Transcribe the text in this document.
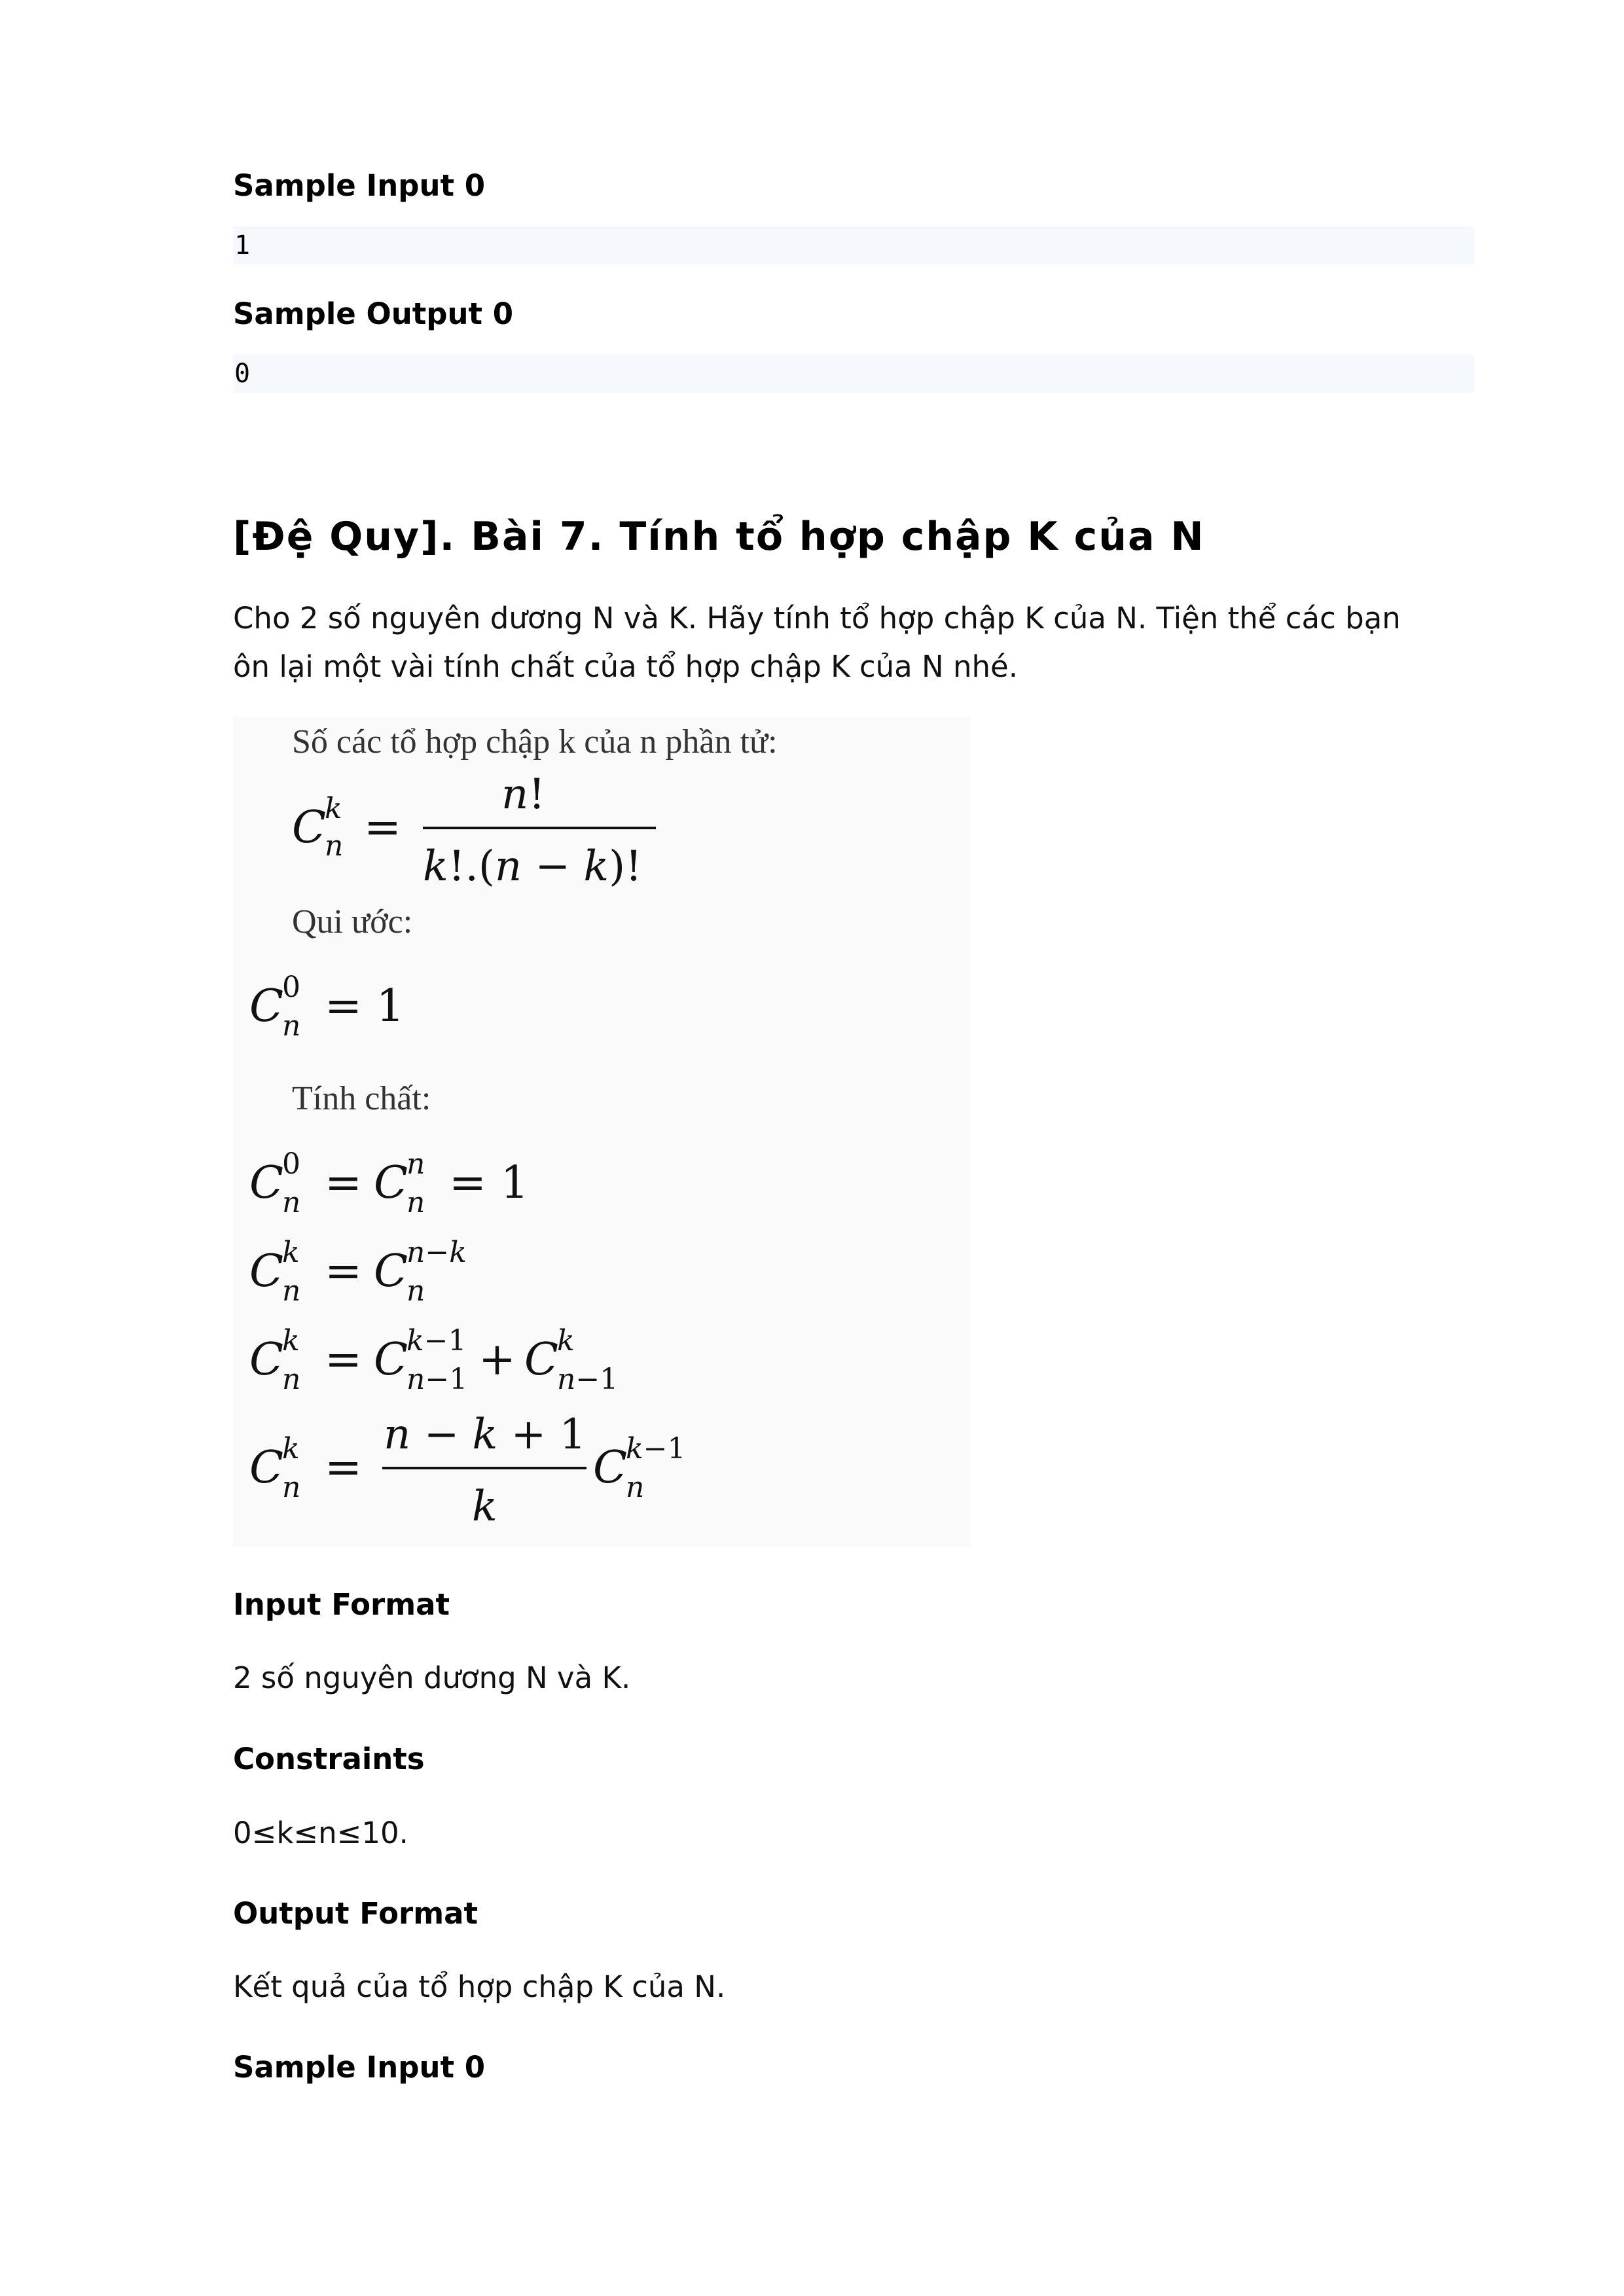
Sample Input 0
1
Sample Output 0
0
[Đệ Quy]. Bài 7. Tính tổ hợp chập K của N
Cho 2 số nguyên dương N và K. Hãy tính tổ hợp chập K của N. Tiện thể các bạn
ôn lại một vài tính chất của tổ hợp chập K của N nhé.
Số các tổ hợp chập k của n phần tử:
C
k
n =
n!
k!.(n − k)!
Qui ước:
C
0
n = 1
Tính chất:
C
0
n = C
n
n = 1
C
k
n = C
n−k
n
C
k
n = C
k−1
n−1 + C
k
n−1
C
k
n =
n − k + 1
k
C
k−1
n
Input Format
2 số nguyên dương N và K.
Constraints
0≤k≤n≤10.
Output Format
Kết quả của tổ hợp chập K của N.
Sample Input 0
